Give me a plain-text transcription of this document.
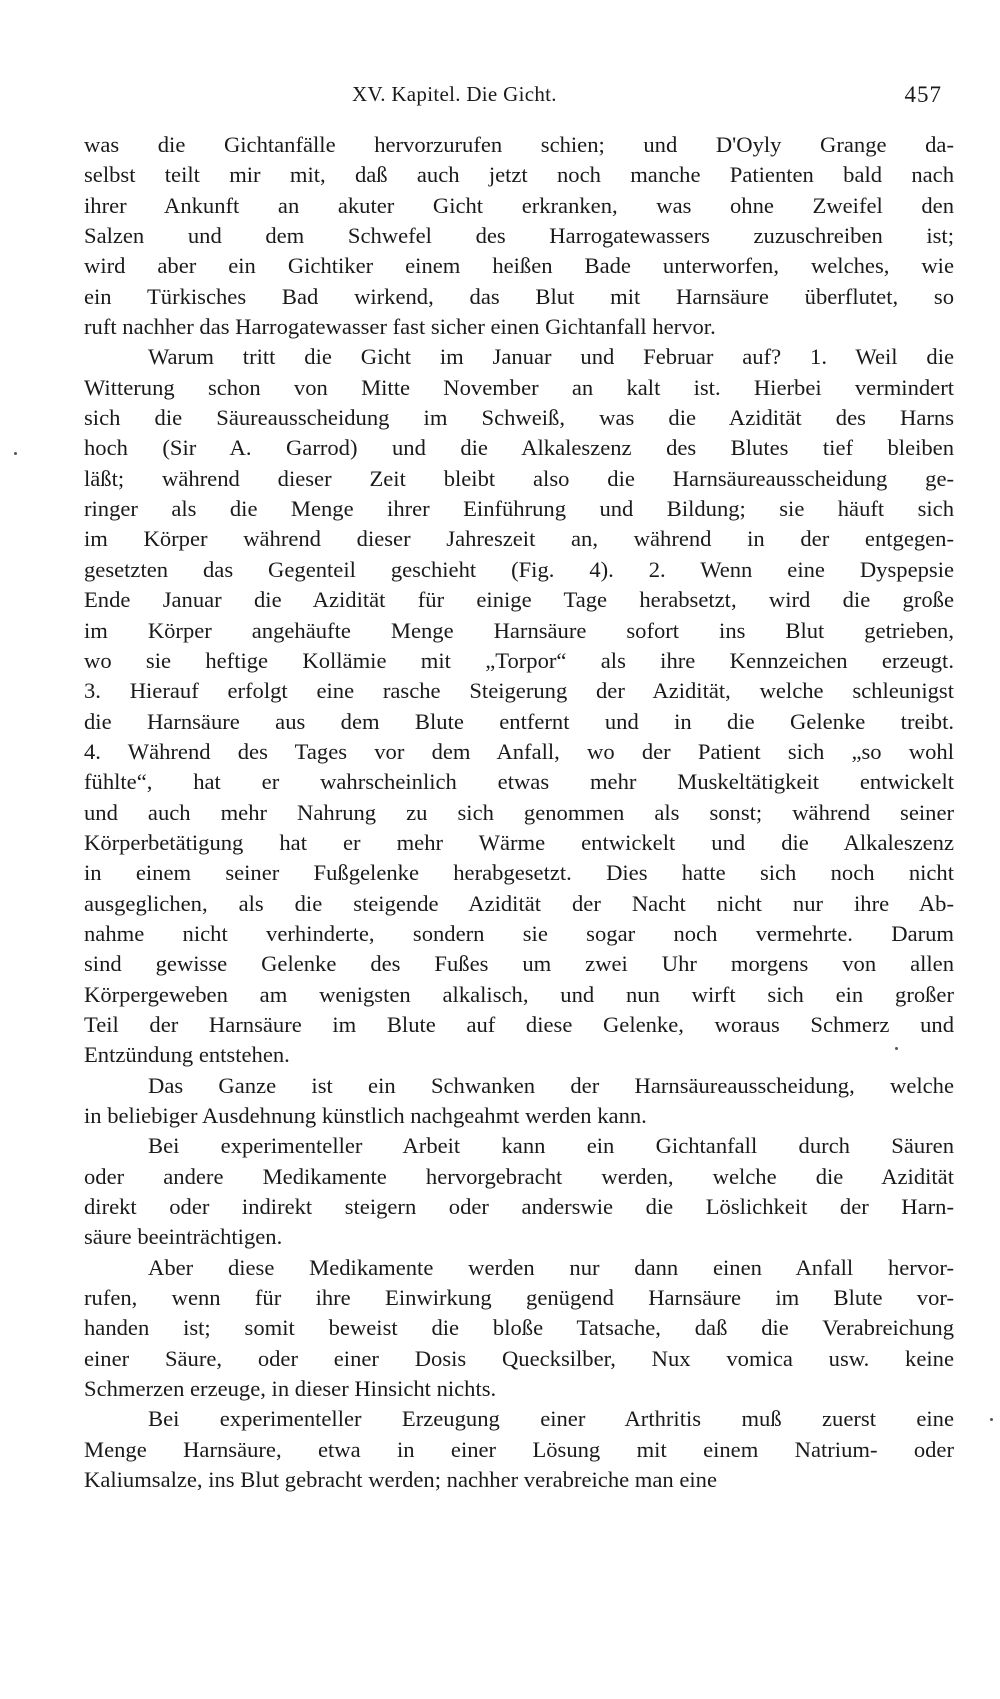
XV. Kapitel. Die Gicht.	457

was die Gichtanfälle hervorzurufen schien; und D'Oyly Grange da-
selbst teilt mir mit, daß auch jetzt noch manche Patienten bald nach
ihrer Ankunft an akuter Gicht erkranken, was ohne Zweifel den
Salzen und dem Schwefel des Harrogatewassers zuzuschreiben ist;
wird aber ein Gichtiker einem heißen Bade unterworfen, welches, wie
ein Türkisches Bad wirkend, das Blut mit Harnsäure überflutet, so
ruft nachher das Harrogatewasser fast sicher einen Gichtanfall hervor.

Warum tritt die Gicht im Januar und Februar auf? 1. Weil die
Witterung schon von Mitte November an kalt ist. Hierbei vermindert
sich die Säureausscheidung im Schweiß, was die Azidität des Harns
hoch (Sir A. Garrod) und die Alkaleszenz des Blutes tief bleiben
läßt; während dieser Zeit bleibt also die Harnsäureausscheidung ge-
ringer als die Menge ihrer Einführung und Bildung; sie häuft sich
im Körper während dieser Jahreszeit an, während in der entgegen-
gesetzten das Gegenteil geschieht (Fig. 4). 2. Wenn eine Dyspepsie
Ende Januar die Azidität für einige Tage herabsetzt, wird die große
im Körper angehäufte Menge Harnsäure sofort ins Blut getrieben,
wo sie heftige Kollämie mit „Torpor“ als ihre Kennzeichen erzeugt.
3. Hierauf erfolgt eine rasche Steigerung der Azidität, welche schleunigst
die Harnsäure aus dem Blute entfernt und in die Gelenke treibt.
4. Während des Tages vor dem Anfall, wo der Patient sich „so wohl
fühlte“, hat er wahrscheinlich etwas mehr Muskeltätigkeit entwickelt
und auch mehr Nahrung zu sich genommen als sonst; während seiner
Körperbetätigung hat er mehr Wärme entwickelt und die Alkaleszenz
in einem seiner Fußgelenke herabgesetzt. Dies hatte sich noch nicht
ausgeglichen, als die steigende Azidität der Nacht nicht nur ihre Ab-
nahme nicht verhinderte, sondern sie sogar noch vermehrte. Darum
sind gewisse Gelenke des Fußes um zwei Uhr morgens von allen
Körpergeweben am wenigsten alkalisch, und nun wirft sich ein großer
Teil der Harnsäure im Blute auf diese Gelenke, woraus Schmerz und
Entzündung entstehen.

Das Ganze ist ein Schwanken der Harnsäureausscheidung, welche
in beliebiger Ausdehnung künstlich nachgeahmt werden kann.

Bei experimenteller Arbeit kann ein Gichtanfall durch Säuren
oder andere Medikamente hervorgebracht werden, welche die Azidität
direkt oder indirekt steigern oder anderswie die Löslichkeit der Harn-
säure beeinträchtigen.

Aber diese Medikamente werden nur dann einen Anfall hervor-
rufen, wenn für ihre Einwirkung genügend Harnsäure im Blute vor-
handen ist; somit beweist die bloße Tatsache, daß die Verabreichung
einer Säure, oder einer Dosis Quecksilber, Nux vomica usw. keine
Schmerzen erzeuge, in dieser Hinsicht nichts.

Bei experimenteller Erzeugung einer Arthritis muß zuerst eine
Menge Harnsäure, etwa in einer Lösung mit einem Natrium- oder
Kaliumsalze, ins Blut gebracht werden; nachher verabreiche man eine
